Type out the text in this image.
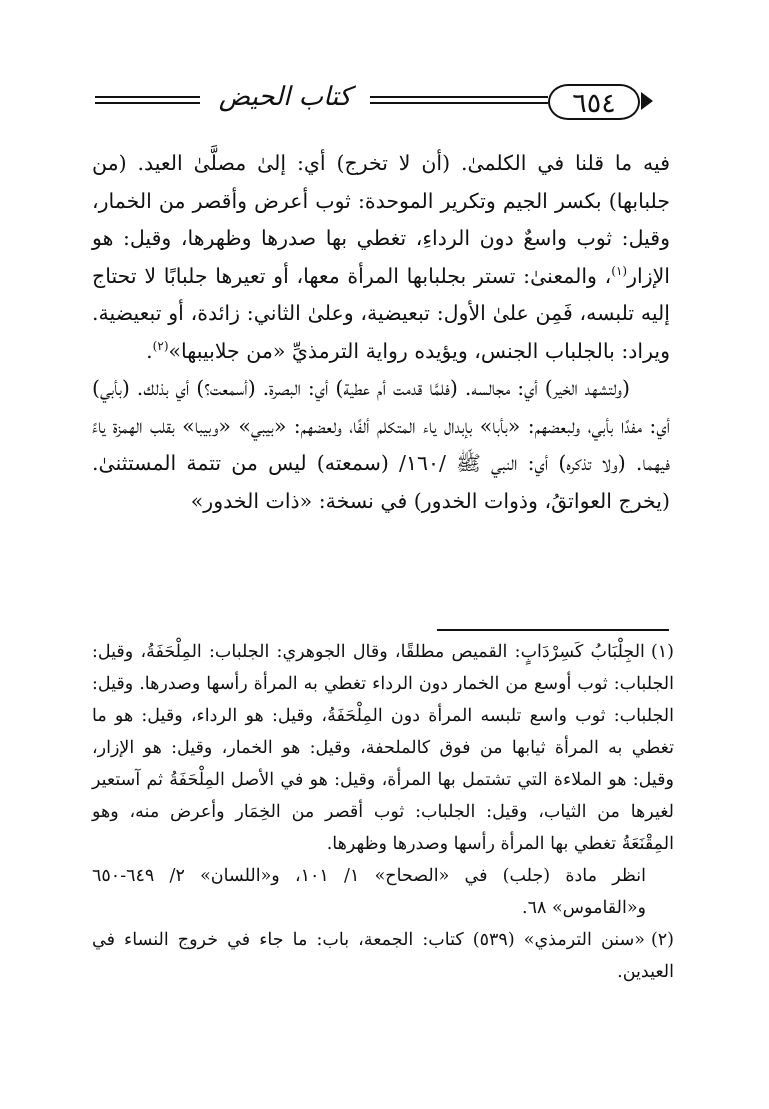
كتاب الحيض	٦٥٤

فيه ما قلنا في الكلمىٰ. (أن لا تخرج) أي: إلىٰ مصلَّىٰ العيد. (من جلبابها) بكسر الجيم وتكرير الموحدة: ثوب أعرض وأقصر من الخمار، وقيل: ثوب واسعٌ دون الرداءِ، تغطي بها صدرها وظهرها، وقيل: هو الإزار$^{(١)}$، والمعنىٰ: تستر بجلبابها المرأة معها، أو تعيرها جلبابًا لا تحتاج إليه تلبسه، فَمِن علىٰ الأول: تبعيضية، وعلىٰ الثاني: زائدة، أو تبعيضية. ويراد: بالجلباب الجنس، ويؤيده رواية الترمذيِّ «من جلابيبها»$^{(٢)}$.

(ولتشهد الخير) أي: مجالسه. (فلمَّا قدمت أم عطية) أي: البصرة. (أسمعت؟) أي بذلك. (بأبي) أي: مفدًا بأبي، ولبعضهم: «بأبا» بإبدال ياء المتكلم ألفًا، ولعضهم: «بيبي» «وبيبا» بقلب الهمزة ياءً فيهما. (ولا تذكره) أي: النبي ﷺ /١٦٠/ (سمعته) ليس من تتمة المستثنىٰ. (يخرج العواتقُ، وذوات الخدور) في نسخة: «ذات الخدور»

(١)الجِلْبَابُ كَسِرْدَابٍ: القميص مطلقًا، وقال الجوهري: الجلباب: المِلْحَفَةُ، وقيل: الجلباب: ثوب أوسع من الخمار دون الرداء تغطي به المرأة رأسها وصدرها. وقيل: الجلباب: ثوب واسع تلبسه المرأة دون المِلْحَفَةُ، وقيل: هو الرداء، وقيل: هو ما تغطي به المرأة ثيابها من فوق كالملحفة، وقيل: هو الخمار، وقيل: هو الإزار، وقيل: هو الملاءة التي تشتمل بها المرأة، وقيل: هو في الأصل المِلْحَفَةُ ثم آستعير لغيرها من الثياب، وقيل: الجلباب: ثوب أقصر من الخِمَار وأعرض منه، وهو المِقْنَعَةُ تغطي بها المرأة رأسها وصدرها وظهرها.
انظر مادة (جلب) في «الصحاح» ١/ ١٠١، و«اللسان» ٢/ ٦٤٩-٦٥٠ و«القاموس» ٦٨.

(٢)«سنن الترمذي» (٥٣٩) كتاب: الجمعة، باب: ما جاء في خروج النساء في العيدين.
